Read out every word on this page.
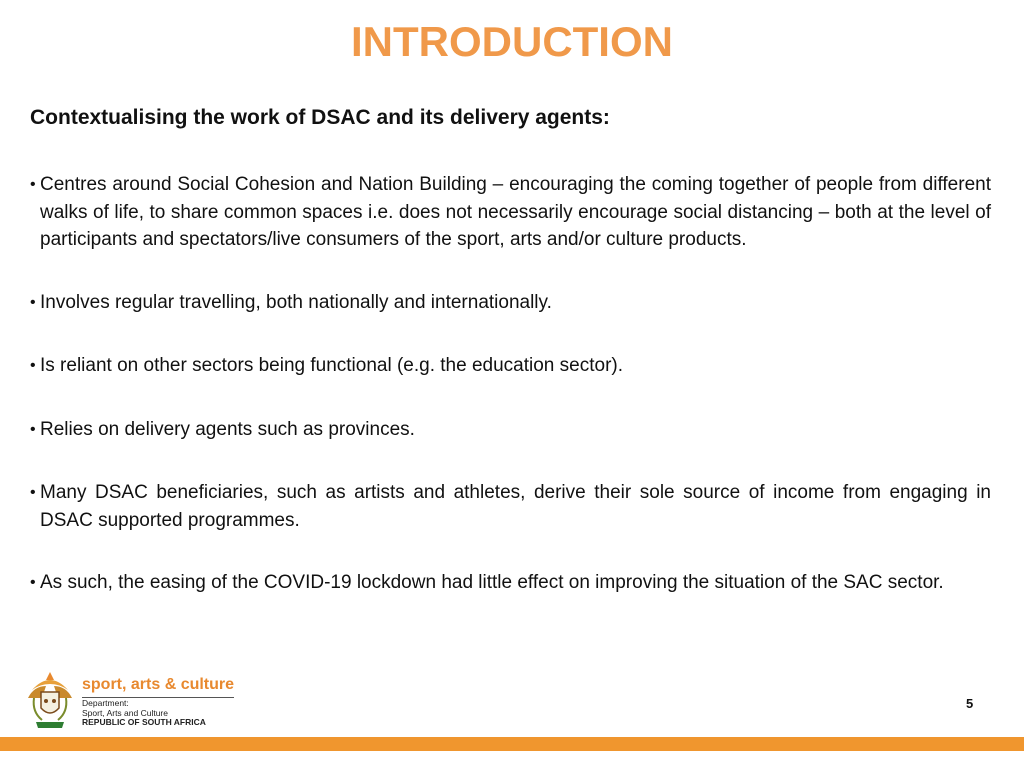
INTRODUCTION
Contextualising the work of DSAC and its delivery agents:
• Centres around Social Cohesion and Nation Building – encouraging the coming together of people from different walks of life, to share common spaces i.e. does not necessarily encourage social distancing – both at the level of participants and spectators/live consumers of the sport, arts and/or culture products.
• Involves regular travelling, both nationally and internationally.
• Is reliant on other sectors being functional (e.g. the education sector).
• Relies on delivery agents such as provinces.
• Many DSAC beneficiaries, such as artists and athletes, derive their sole source of income from engaging in DSAC supported programmes.
• As such, the easing of the COVID-19 lockdown had little effect on improving the situation of the SAC sector.
sport, arts & culture
Department:
Sport, Arts and Culture
REPUBLIC OF SOUTH AFRICA
5
